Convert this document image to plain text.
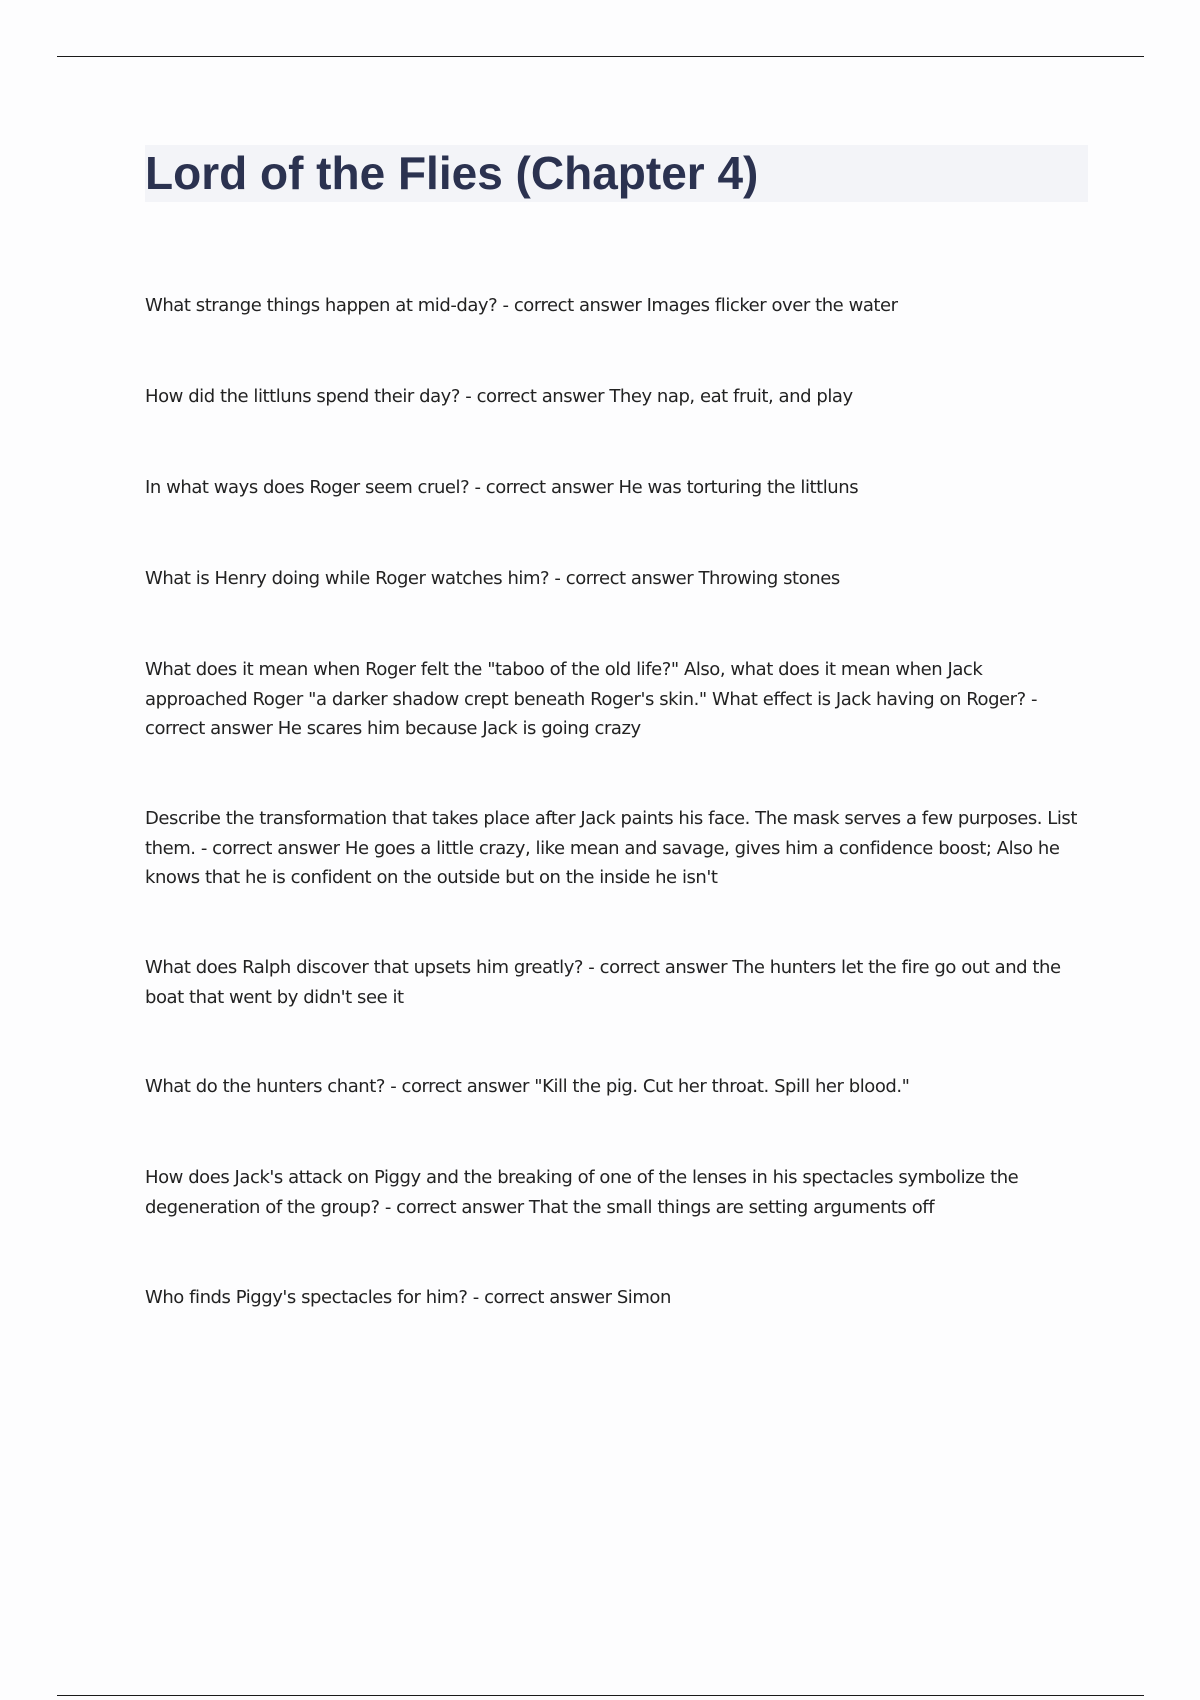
Lord of the Flies (Chapter 4)
What strange things happen at mid-day? - correct answer Images flicker over the water
How did the littluns spend their day? - correct answer They nap, eat fruit, and play
In what ways does Roger seem cruel? - correct answer He was torturing the littluns
What is Henry doing while Roger watches him? - correct answer Throwing stones
What does it mean when Roger felt the "taboo of the old life?" Also, what does it mean when Jack approached Roger "a darker shadow crept beneath Roger's skin." What effect is Jack having on Roger? - correct answer He scares him because Jack is going crazy
Describe the transformation that takes place after Jack paints his face. The mask serves a few purposes. List them. - correct answer He goes a little crazy, like mean and savage, gives him a confidence boost; Also he knows that he is confident on the outside but on the inside he isn't
What does Ralph discover that upsets him greatly? - correct answer The hunters let the fire go out and the boat that went by didn't see it
What do the hunters chant? - correct answer "Kill the pig. Cut her throat. Spill her blood."
How does Jack's attack on Piggy and the breaking of one of the lenses in his spectacles symbolize the degeneration of the group? - correct answer That the small things are setting arguments off
Who finds Piggy's spectacles for him? - correct answer Simon
